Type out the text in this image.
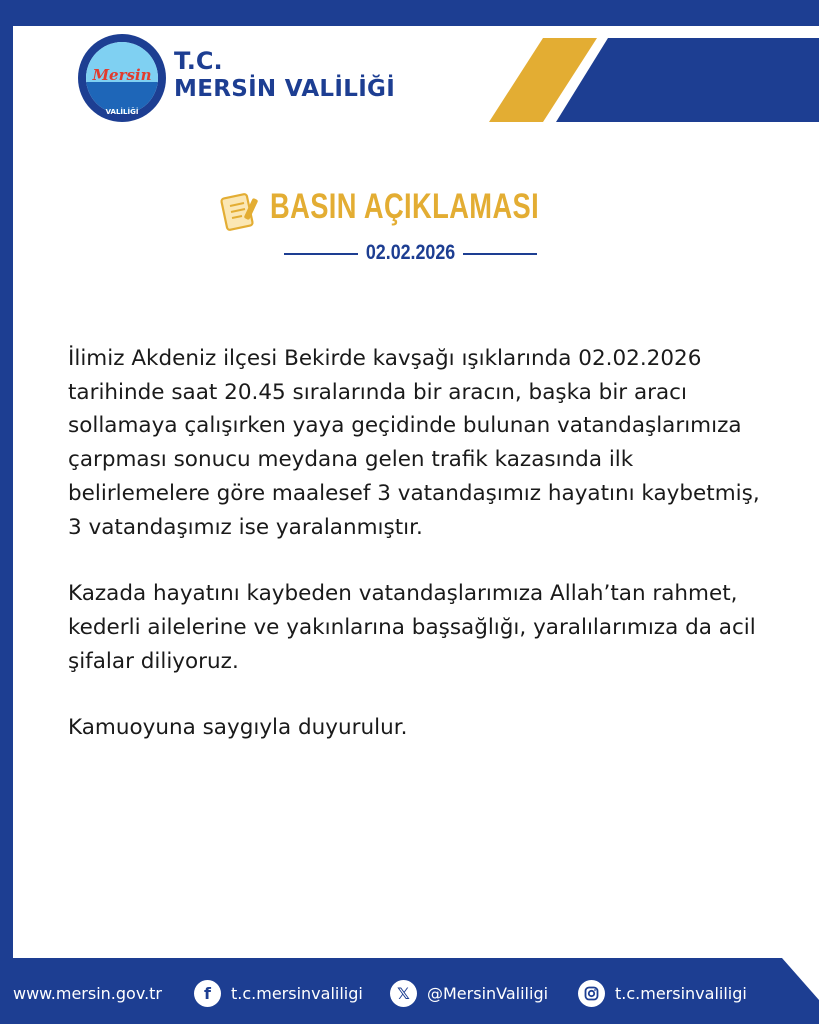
Mersin
VALİLİĞİ
T.C.
MERSİN VALİLİĞİ
BASIN AÇIKLAMASI
02.02.2026

İlimiz Akdeniz ilçesi Bekirde kavşağı ışıklarında 02.02.2026 tarihinde saat 20.45 sıralarında bir aracın, başka bir aracı sollamaya çalışırken yaya geçidinde bulunan vatandaşlarımıza çarpması sonucu meydana gelen trafik kazasında ilk belirlemelere göre maalesef 3 vatandaşımız hayatını kaybetmiş, 3 vatandaşımız ise yaralanmıştır.

Kazada hayatını kaybeden vatandaşlarımıza Allah’tan rahmet, kederli ailelerine ve yakınlarına başsağlığı, yaralılarımıza da acil şifalar diliyoruz.

Kamuoyuna saygıyla duyurulur.

www.mersin.gov.tr	f	t.c.mersinvaliligi	𝕏	@MersinValiligi	t.c.mersinvaliligi
